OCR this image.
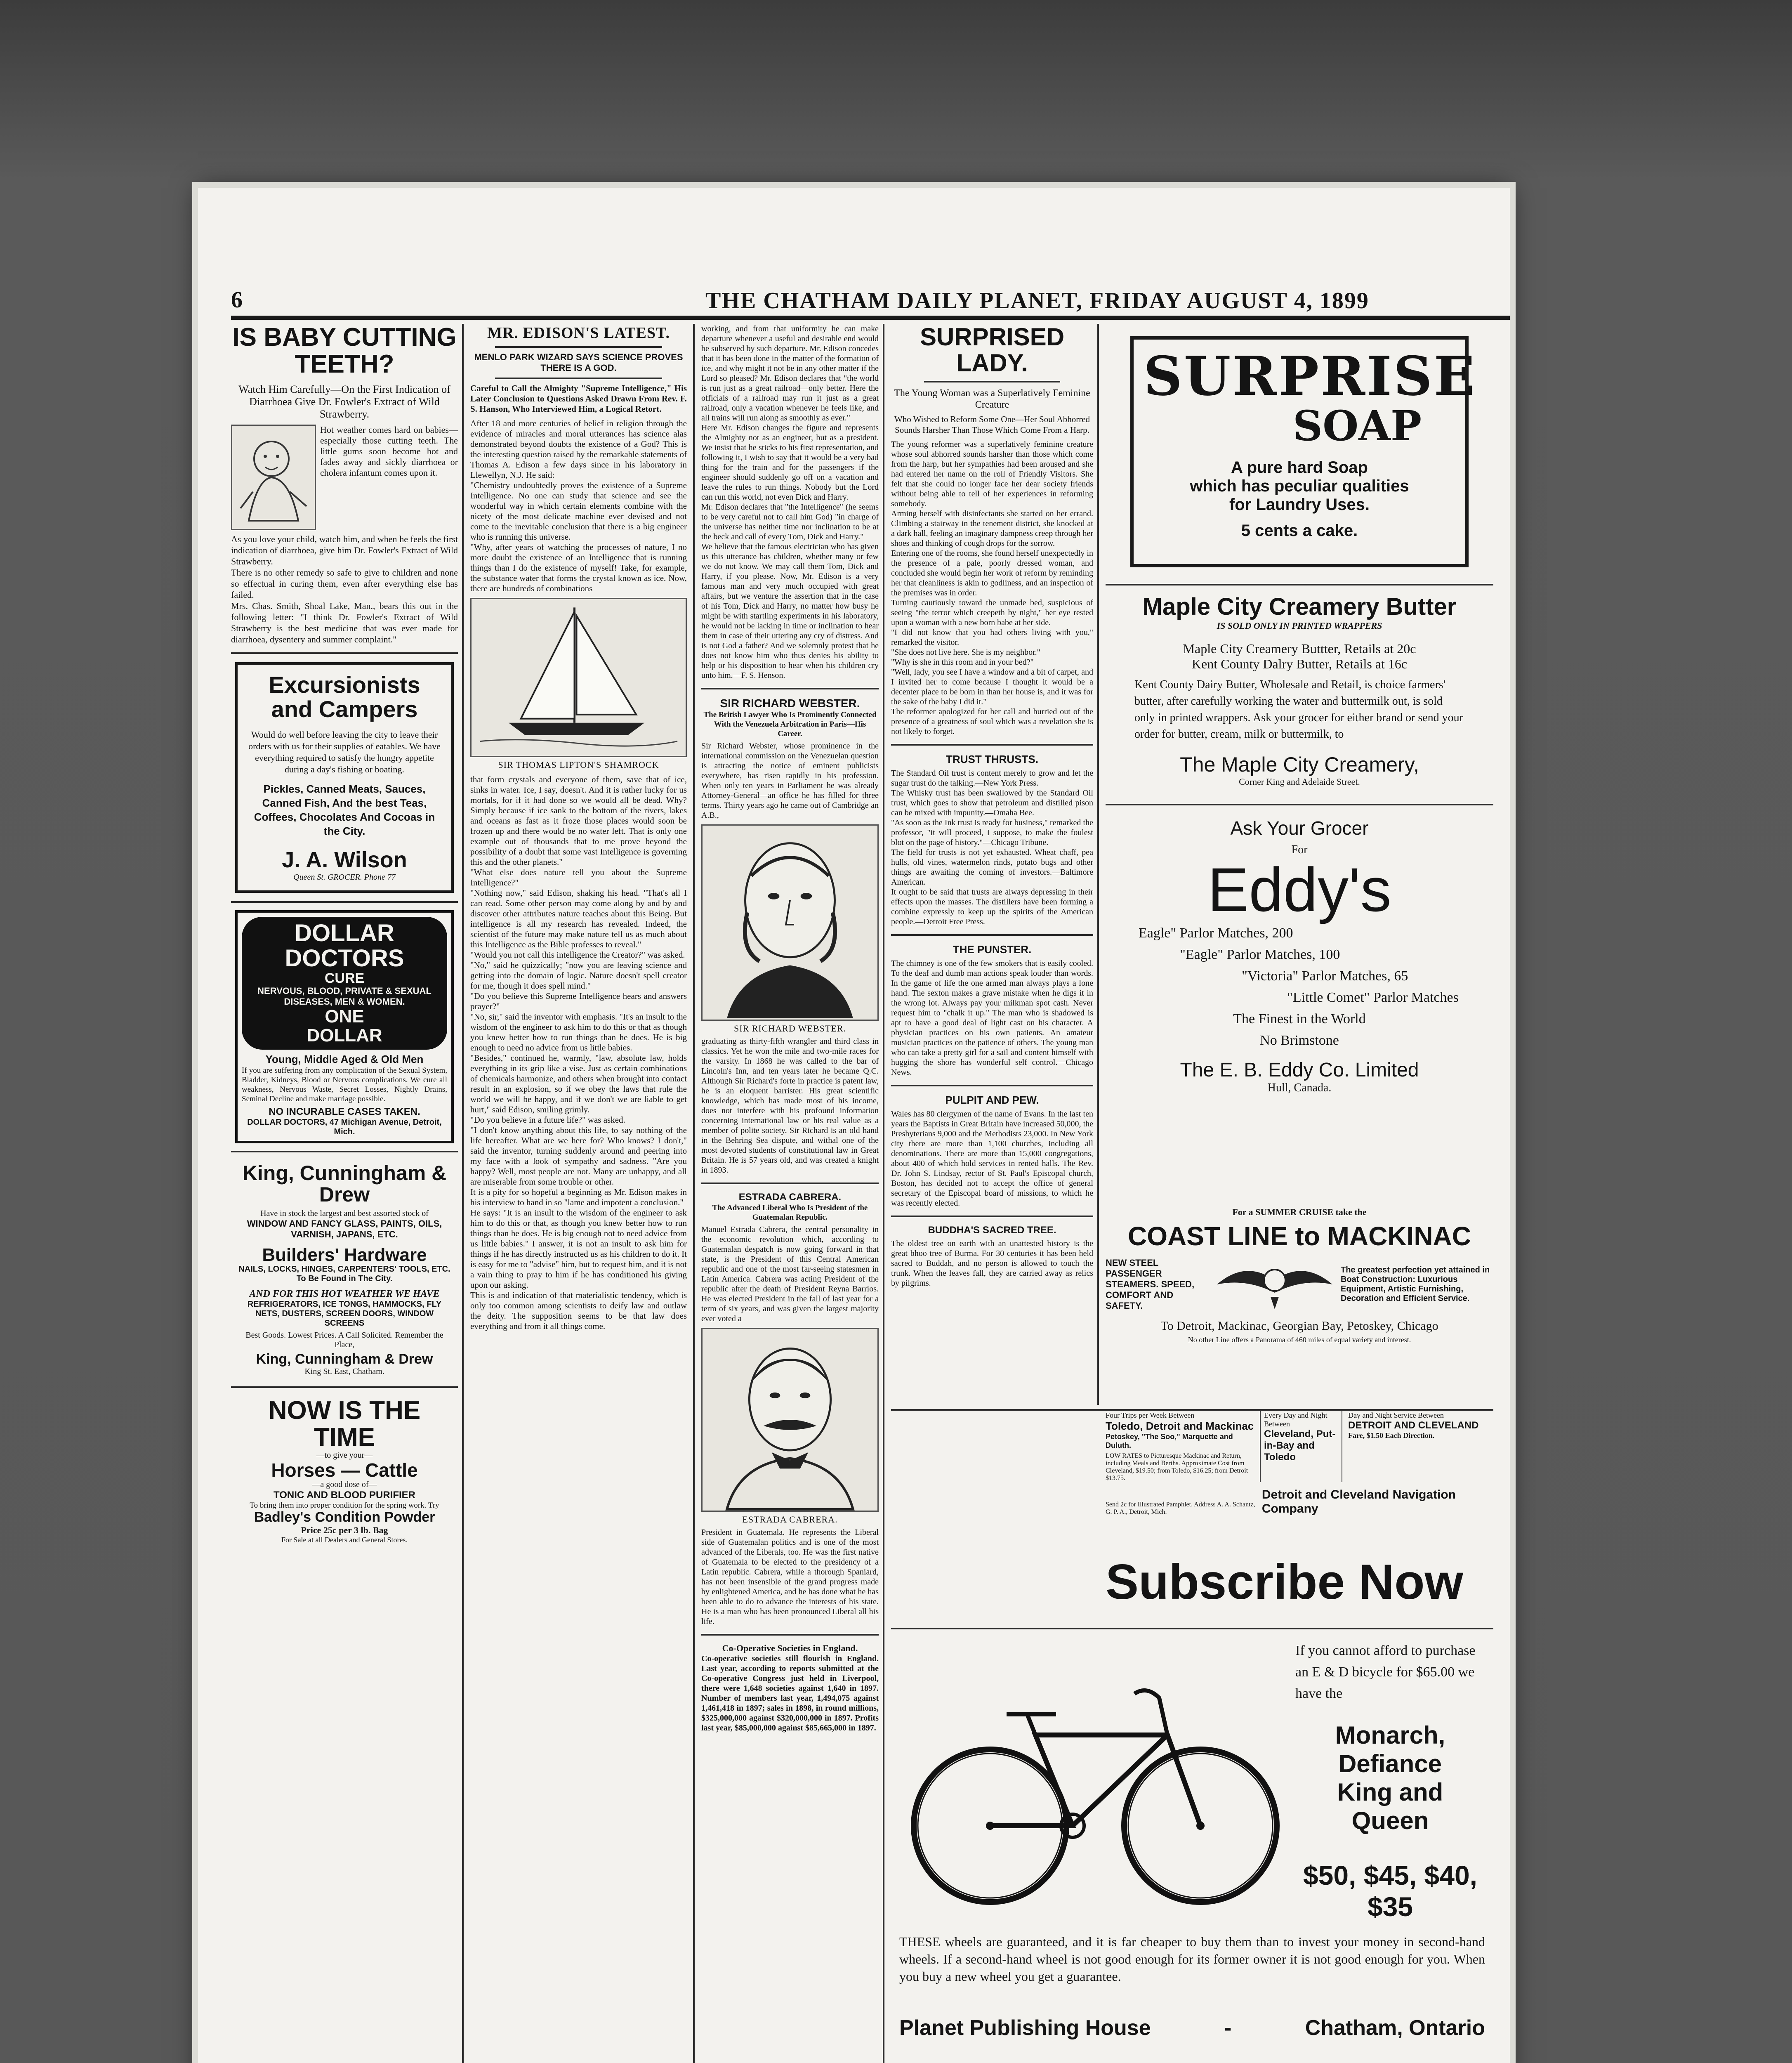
6	THE CHATHAM DAILY PLANET, FRIDAY AUGUST 4, 1899
IS BABY CUTTING TEETH?
Watch Him Carefully—On the First Indication of Diarrhoea Give Dr. Fowler's Extract of Wild Strawberry.
Hot weather comes hard on babies—especially those cutting teeth. The little gums soon become hot and fades away and sickly diarrhoea or cholera infantum comes upon it.
As you love your child, watch him, and when he feels the first indication of diarrhoea, give him Dr. Fowler's Extract of Wild Strawberry.
There is no other remedy so safe to give to children and none so effectual in curing them, even after everything else has failed.
Mrs. Chas. Smith, Shoal Lake, Man., bears this out in the following letter: "I think Dr. Fowler's Extract of Wild Strawberry is the best medicine that was ever made for diarrhoea, dysentery and summer complaint."
Excursionists and Campers
Would do well before leaving the city to leave their orders with us for their supplies of eatables. We have everything required to satisfy the hungry appetite during a day's fishing or boating.
Pickles, Canned Meats, Sauces, Canned Fish, And the best Teas, Coffees, Chocolates And Cocoas in the City.
J. A. Wilson
Queen St. GROCER. Phone 77
DOLLAR
DOCTORS
CURE
NERVOUS, BLOOD, PRIVATE & SEXUAL DISEASES, MEN & WOMEN.
ONE
DOLLAR
Young, Middle Aged & Old Men
If you are suffering from any complication of the Sexual System, Bladder, Kidneys, Blood or Nervous complications. We cure all weakness, Nervous Waste, Secret Losses, Nightly Drains, Seminal Decline and make marriage possible.
NO INCURABLE CASES TAKEN.
DOLLAR DOCTORS, 47 Michigan Avenue, Detroit, Mich.
King, Cunningham & Drew
Have in stock the largest and best assorted stock of
WINDOW AND FANCY GLASS, PAINTS, OILS, VARNISH, JAPANS, ETC.
Builders' Hardware
NAILS, LOCKS, HINGES, CARPENTERS' TOOLS, ETC. To Be Found in The City.
AND FOR THIS HOT WEATHER WE HAVE
REFRIGERATORS, ICE TONGS, HAMMOCKS, FLY NETS, DUSTERS, SCREEN DOORS, WINDOW SCREENS
Best Goods. Lowest Prices. A Call Solicited. Remember the Place,
King, Cunningham & Drew
King St. East, Chatham.
NOW IS THE TIME
—to give your—
Horses — Cattle
—a good dose of—
TONIC AND BLOOD PURIFIER
To bring them into proper condition for the spring work. Try
Badley's Condition Powder
Price 25c per 3 lb. Bag
For Sale at all Dealers and General Stores.
MR. EDISON'S LATEST.
MENLO PARK WIZARD SAYS SCIENCE PROVES THERE IS A GOD.
Careful to Call the Almighty "Supreme Intelligence," His Later Conclusion to Questions Asked Drawn From Rev. F. S. Hanson, Who Interviewed Him, a Logical Retort.
After 18 and more centuries of belief in religion through the evidence of miracles and moral utterances has science alas demonstrated beyond doubts the existence of a God? This is the interesting question raised by the remarkable statements of Thomas A. Edison a few days since in his laboratory in Llewellyn, N.J. He said:
"Chemistry undoubtedly proves the existence of a Supreme Intelligence. No one can study that science and see the wonderful way in which certain elements combine with the nicety of the most delicate machine ever devised and not come to the inevitable conclusion that there is a big engineer who is running this universe.
"Why, after years of watching the processes of nature, I no more doubt the existence of an Intelligence that is running things than I do the existence of myself! Take, for example, the substance water that forms the crystal known as ice. Now, there are hundreds of combinations
SIR THOMAS LIPTON'S SHAMROCK
that form crystals and everyone of them, save that of ice, sinks in water. Ice, I say, doesn't. And it is rather lucky for us mortals, for if it had done so we would all be dead. Why? Simply because if ice sank to the bottom of the rivers, lakes and oceans as fast as it froze those places would soon be frozen up and there would be no water left. That is only one example out of thousands that to me prove beyond the possibility of a doubt that some vast Intelligence is governing this and the other planets."
"What else does nature tell you about the Supreme Intelligence?"
"Nothing now," said Edison, shaking his head. "That's all I can read. Some other person may come along by and by and discover other attributes nature teaches about this Being. But intelligence is all my research has revealed. Indeed, the scientist of the future may make nature tell us as much about this Intelligence as the Bible professes to reveal."
"Would you not call this intelligence the Creator?" was asked.
"No," said he quizzically; "now you are leaving science and getting into the domain of logic. Nature doesn't spell creator for me, though it does spell mind."
"Do you believe this Supreme Intelligence hears and answers prayer?"
"No, sir," said the inventor with emphasis. "It's an insult to the wisdom of the engineer to ask him to do this or that as though you knew better how to run things than he does. He is big enough to need no advice from us little babies.
"Besides," continued he, warmly, "law, absolute law, holds everything in its grip like a vise. Just as certain combinations of chemicals harmonize, and others when brought into contact result in an explosion, so if we obey the laws that rule the world we will be happy, and if we don't we are liable to get hurt," said Edison, smiling grimly.
"Do you believe in a future life?" was asked.
"I don't know anything about this life, to say nothing of the life hereafter. What are we here for? Who knows? I don't," said the inventor, turning suddenly around and peering into my face with a look of sympathy and sadness. "Are you happy? Well, most people are not. Many are unhappy, and all are miserable from some trouble or other.
It is a pity for so hopeful a beginning as Mr. Edison makes in his interview to hand in so "lame and impotent a conclusion."
He says: "It is an insult to the wisdom of the engineer to ask him to do this or that, as though you knew better how to run things than he does. He is big enough not to need advice from us little babies." I answer, it is not an insult to ask him for things if he has directly instructed us as his children to do it. It is easy for me to "advise" him, but to request him, and it is not a vain thing to pray to him if he has conditioned his giving upon our asking.
This is and indication of that materialistic tendency, which is only too common among scientists to deify law and outlaw the deity. The supposition seems to be that law does everything and from it all things come.
working, and from that uniformity he can make departure whenever a useful and desirable end would be subserved by such departure. Mr. Edison concedes that it has been done in the matter of the formation of ice, and why might it not be in any other matter if the Lord so pleased? Mr. Edison declares that "the world is run just as a great railroad—only better. Here the officials of a railroad may run it just as a great railroad, only a vacation whenever he feels like, and all trains will run along as smoothly as ever."
Here Mr. Edison changes the figure and represents the Almighty not as an engineer, but as a president. We insist that he sticks to his first representation, and following it, I wish to say that it would be a very bad thing for the train and for the passengers if the engineer should suddenly go off on a vacation and leave the rules to run things. Nobody but the Lord can run this world, not even Dick and Harry.
Mr. Edison declares that "the Intelligence" (he seems to be very careful not to call him God) "in charge of the universe has neither time nor inclination to be at the beck and call of every Tom, Dick and Harry."
We believe that the famous electrician who has given us this utterance has children, whether many or few we do not know. We may call them Tom, Dick and Harry, if you please. Now, Mr. Edison is a very famous man and very much occupied with great affairs, but we venture the assertion that in the case of his Tom, Dick and Harry, no matter how busy he might be with startling experiments in his laboratory, he would not be lacking in time or inclination to hear them in case of their uttering any cry of distress. And is not God a father? And we solemnly protest that he does not know him who thus denies his ability to help or his disposition to hear when his children cry unto him.—F. S. Henson.
SIR RICHARD WEBSTER.
The British Lawyer Who Is Prominently Connected With the Venezuela Arbitration in Paris—His Career.
Sir Richard Webster, whose prominence in the international commission on the Venezuelan question is attracting the notice of eminent publicists everywhere, has risen rapidly in his profession. When only ten years in Parliament he was already Attorney-General—an office he has filled for three terms. Thirty years ago he came out of Cambridge an A.B.,
SIR RICHARD WEBSTER.
graduating as thirty-fifth wrangler and third class in classics. Yet he won the mile and two-mile races for the varsity. In 1868 he was called to the bar of Lincoln's Inn, and ten years later he became Q.C. Although Sir Richard's forte in practice is patent law, he is an eloquent barrister. His great scientific knowledge, which has made most of his income, does not interfere with his profound information concerning international law or his real value as a member of polite society. Sir Richard is an old hand in the Behring Sea dispute, and withal one of the most devoted students of constitutional law in Great Britain. He is 57 years old, and was created a knight in 1893.
ESTRADA CABRERA.
The Advanced Liberal Who Is President of the Guatemalan Republic.
Manuel Estrada Cabrera, the central personality in the economic revolution which, according to Guatemalan despatch is now going forward in that state, is the President of this Central American republic and one of the most far-seeing statesmen in Latin America. Cabrera was acting President of the republic after the death of President Reyna Barrios. He was elected President in the fall of last year for a term of six years, and was given the largest majority ever voted a
ESTRADA CABRERA.
President in Guatemala. He represents the Liberal side of Guatemalan politics and is one of the most advanced of the Liberals, too. He was the first native of Guatemala to be elected to the presidency of a Latin republic. Cabrera, while a thorough Spaniard, has not been insensible of the grand progress made by enlightened America, and he has done what he has been able to do to advance the interests of his state. He is a man who has been pronounced Liberal all his life.
Co-Operative Societies in England.
Co-operative societies still flourish in England. Last year, according to reports submitted at the Co-operative Congress just held in Liverpool, there were 1,648 societies against 1,640 in 1897. Number of members last year, 1,494,075 against 1,461,418 in 1897; sales in 1898, in round millions, $325,000,000 against $320,000,000 in 1897. Profits last year, $85,000,000 against $85,665,000 in 1897.
SURPRISED LADY.
The Young Woman was a Superlatively Feminine Creature
Who Wished to Reform Some One—Her Soul Abhorred Sounds Harsher Than Those Which Come From a Harp.
The young reformer was a superlatively feminine creature whose soul abhorred sounds harsher than those which come from the harp, but her sympathies had been aroused and she had entered her name on the roll of Friendly Visitors. She felt that she could no longer face her dear society friends without being able to tell of her experiences in reforming somebody.
Arming herself with disinfectants she started on her errand. Climbing a stairway in the tenement district, she knocked at a dark hall, feeling an imaginary dampness creep through her shoes and thinking of cough drops for the sorrow.
Entering one of the rooms, she found herself unexpectedly in the presence of a pale, poorly dressed woman, and concluded she would begin her work of reform by reminding her that cleanliness is akin to godliness, and an inspection of the premises was in order.
Turning cautiously toward the unmade bed, suspicious of seeing "the terror which creepeth by night," her eye rested upon a woman with a new born babe at her side.
"I did not know that you had others living with you," remarked the visitor.
"She does not live here. She is my neighbor."
"Why is she in this room and in your bed?"
"Well, lady, you see I have a window and a bit of carpet, and I invited her to come because I thought it would be a decenter place to be born in than her house is, and it was for the sake of the baby I did it."
The reformer apologized for her call and hurried out of the presence of a greatness of soul which was a revelation she is not likely to forget.
TRUST THRUSTS.
The Standard Oil trust is content merely to grow and let the sugar trust do the talking.—New York Press.
The Whisky trust has been swallowed by the Standard Oil trust, which goes to show that petroleum and distilled pison can be mixed with impunity.—Omaha Bee.
"As soon as the Ink trust is ready for business," remarked the professor, "it will proceed, I suppose, to make the foulest blot on the page of history."—Chicago Tribune.
The field for trusts is not yet exhausted. Wheat chaff, pea hulls, old vines, watermelon rinds, potato bugs and other things are awaiting the coming of investors.—Baltimore American.
It ought to be said that trusts are always depressing in their effects upon the masses. The distillers have been forming a combine expressly to keep up the spirits of the American people.—Detroit Free Press.
THE PUNSTER.
The chimney is one of the few smokers that is easily cooled. To the deaf and dumb man actions speak louder than words. In the game of life the one armed man always plays a lone hand. The sexton makes a grave mistake when he digs it in the wrong lot. Always pay your milkman spot cash. Never request him to "chalk it up." The man who is shadowed is apt to have a good deal of light cast on his character. A physician practices on his own patients. An amateur musician practices on the patience of others. The young man who can take a pretty girl for a sail and content himself with hugging the shore has wonderful self control.—Chicago News.
PULPIT AND PEW.
Wales has 80 clergymen of the name of Evans. In the last ten years the Baptists in Great Britain have increased 50,000, the Presbyterians 9,000 and the Methodists 23,000. In New York city there are more than 1,100 churches, including all denominations. There are more than 15,000 congregations, about 400 of which hold services in rented halls. The Rev. Dr. John S. Lindsay, rector of St. Paul's Episcopal church, Boston, has decided not to accept the office of general secretary of the Episcopal board of missions, to which he was recently elected.
BUDDHA'S SACRED TREE.
The oldest tree on earth with an unattested history is the great bhoo tree of Burma. For 30 centuries it has been held sacred to Buddah, and no person is allowed to touch the trunk. When the leaves fall, they are carried away as relics by pilgrims.
SURPRISE
SOAP
A pure hard Soap
which has peculiar qualities
for Laundry Uses.
5 cents a cake.
Maple City Creamery Butter
IS SOLD ONLY IN PRINTED WRAPPERS
Maple City Creamery Buttter, Retails at 20c
Kent County Dalry Butter, Retails at 16c
Kent County Dairy Butter, Wholesale and Retail, is choice farmers' butter, after carefully working the water and buttermilk out, is sold only in printed wrappers. Ask your grocer for either brand or send your order for butter, cream, milk or buttermilk, to
The Maple City Creamery,
Corner King and Adelaide Street.
Ask Your Grocer
For
Eddy's
Eagle" Parlor Matches, 200
"Eagle" Parlor Matches, 100
"Victoria" Parlor Matches, 65
"Little Comet" Parlor Matches
The Finest in the World
No Brimstone
The E. B. Eddy Co. Limited
Hull, Canada.
For a SUMMER CRUISE take the
COAST LINE to MACKINAC
NEW STEEL PASSENGER STEAMERS. SPEED, COMFORT AND SAFETY.
The greatest perfection yet attained in Boat Construction: Luxurious Equipment, Artistic Furnishing, Decoration and Efficient Service.
To Detroit, Mackinac, Georgian Bay, Petoskey, Chicago
No other Line offers a Panorama of 460 miles of equal variety and interest.
Four Trips per Week Between
Toledo, Detroit and Mackinac
Petoskey, "The Soo," Marquette and Duluth.
LOW RATES to Picturesque Mackinac and Return, including Meals and Berths. Approximate Cost from Cleveland, $19.50; from Toledo, $16.25; from Detroit $13.75.
Every Day and Night Between
Cleveland, Put-in-Bay and Toledo
Day and Night Service Between
DETROIT AND CLEVELAND
Fare, $1.50 Each Direction.
Send 2c for Illustrated Pamphlet. Address A. A. Schantz, G. P. A., Detroit, Mich.
Detroit and Cleveland Navigation Company
Subscribe Now
If you cannot afford to purchase an E & D bicycle for $65.00 we have the
Monarch, Defiance
King and Queen
$50, $45, $40, $35
THESE wheels are guaranteed, and it is far cheaper to buy them than to invest your money in second-hand wheels. If a second-hand wheel is not good enough for its former owner it is not good enough for you. When you buy a new wheel you get a guarantee.
Planet Publishing House	-	Chatham, Ontario
